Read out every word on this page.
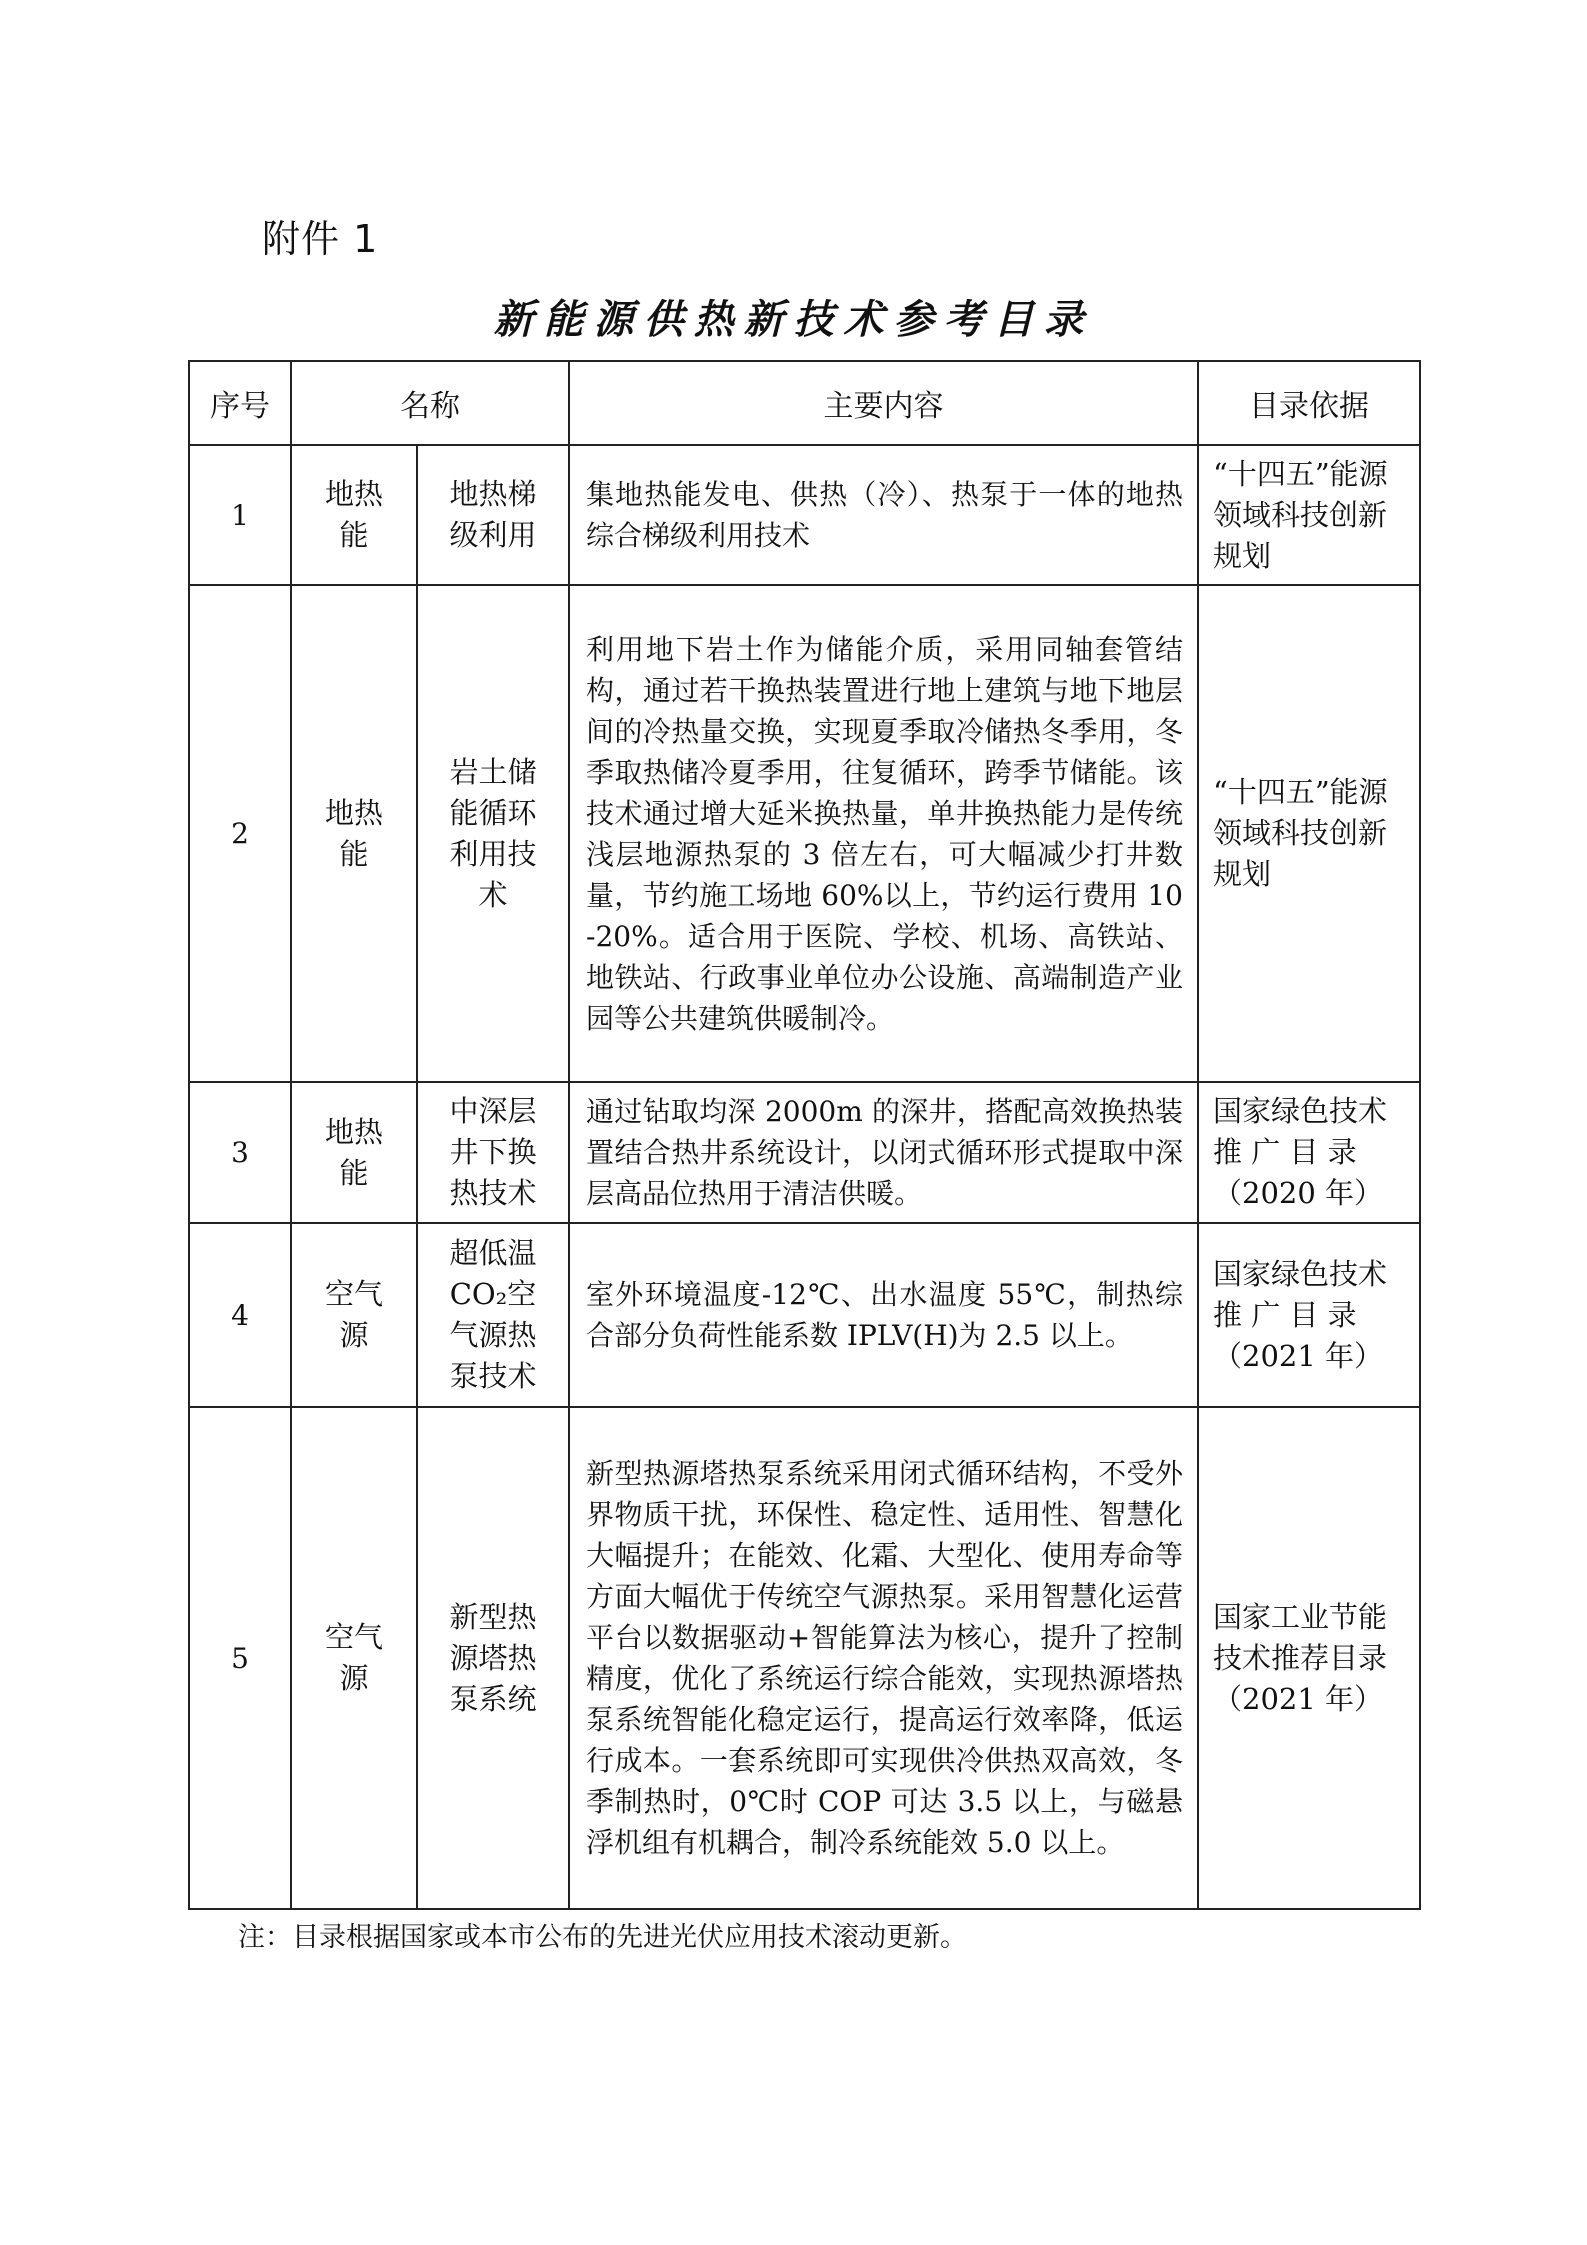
附件 1
新能源供热新技术参考目录
序号	名称		主要内容	目录依据
1	地热能	地热梯级利用	集地热能发电、供热（冷）、热泵于一体的地热综合梯级利用技术	“十四五”能源领域科技创新规划
2	地热能	岩土储能循环利用技术	利用地下岩土作为储能介质，采用同轴套管结构，通过若干换热装置进行地上建筑与地下地层间的冷热量交换，实现夏季取冷储热冬季用，冬季取热储冷夏季用，往复循环，跨季节储能。该技术通过增大延米换热量，单井换热能力是传统浅层地源热泵的 3 倍左右，可大幅减少打井数量，节约施工场地 60%以上，节约运行费用 10-20%。适合用于医院、学校、机场、高铁站、地铁站、行政事业单位办公设施、高端制造产业园等公共建筑供暖制冷。	“十四五”能源领域科技创新规划
3	地热能	中深层井下换热技术	通过钻取均深 2000m 的深井，搭配高效换热装置结合热井系统设计，以闭式循环形式提取中深层高品位热用于清洁供暖。	国家绿色技术推 广 目 录（2020 年）
4	空气源	超低温 CO₂空气源热泵技术	室外环境温度-12℃、出水温度 55℃，制热综合部分负荷性能系数 IPLV(H)为 2.5 以上。	国家绿色技术推 广 目 录（2021 年）
5	空气源	新型热源塔热泵系统	新型热源塔热泵系统采用闭式循环结构，不受外界物质干扰，环保性、稳定性、适用性、智慧化大幅提升；在能效、化霜、大型化、使用寿命等方面大幅优于传统空气源热泵。采用智慧化运营平台以数据驱动+智能算法为核心，提升了控制精度，优化了系统运行综合能效，实现热源塔热泵系统智能化稳定运行，提高运行效率降，低运行成本。一套系统即可实现供冷供热双高效，冬季制热时，0℃时 COP 可达 3.5 以上，与磁悬浮机组有机耦合，制冷系统能效 5.0 以上。	国家工业节能技术推荐目录（2021 年）
注：目录根据国家或本市公布的先进光伏应用技术滚动更新。
